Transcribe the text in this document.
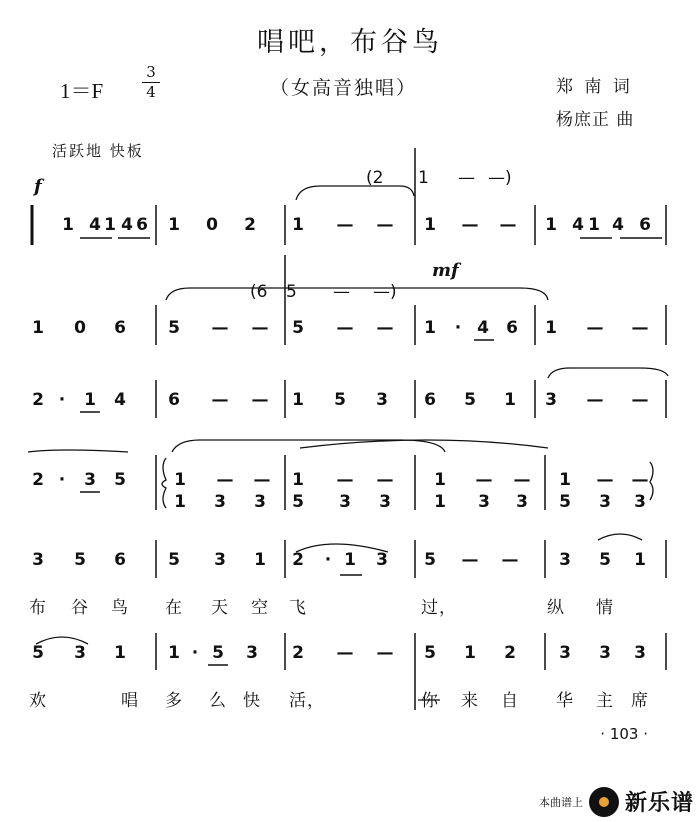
唱吧，布谷鸟
1＝F
3
4	（女高音独唱）	郑 南 词
杨庶正 曲
活跃地 快板
f
mf
1 4 1 4 6 1 0 2 1 — — 1 — — 1 4 1 4 6
1 0 6 5 — — 5 — — 1	· 4 6 1 — —
2 ·	1 4 6 — — 1 5 3 6 5 1 3 — —
2 ·	3 5	1 — — 1 — — 1 — — 1 — —
1 3 3 5 3 3	1 3 3 5 3 3
3 5 6 5 3 1 2	· 1 3 5 — — 3 5 1
布 谷 鸟 在 天 空 飞	过，	纵 情
5 3 1 1 · 5 3 2 — — 5 1 2	3 3 3
欢	唱 多 么 快 活，	你 来 自 华 主 席
(2 1 — —)
(6 5 — —)
· 103 ·
本曲谱上 新乐谱
